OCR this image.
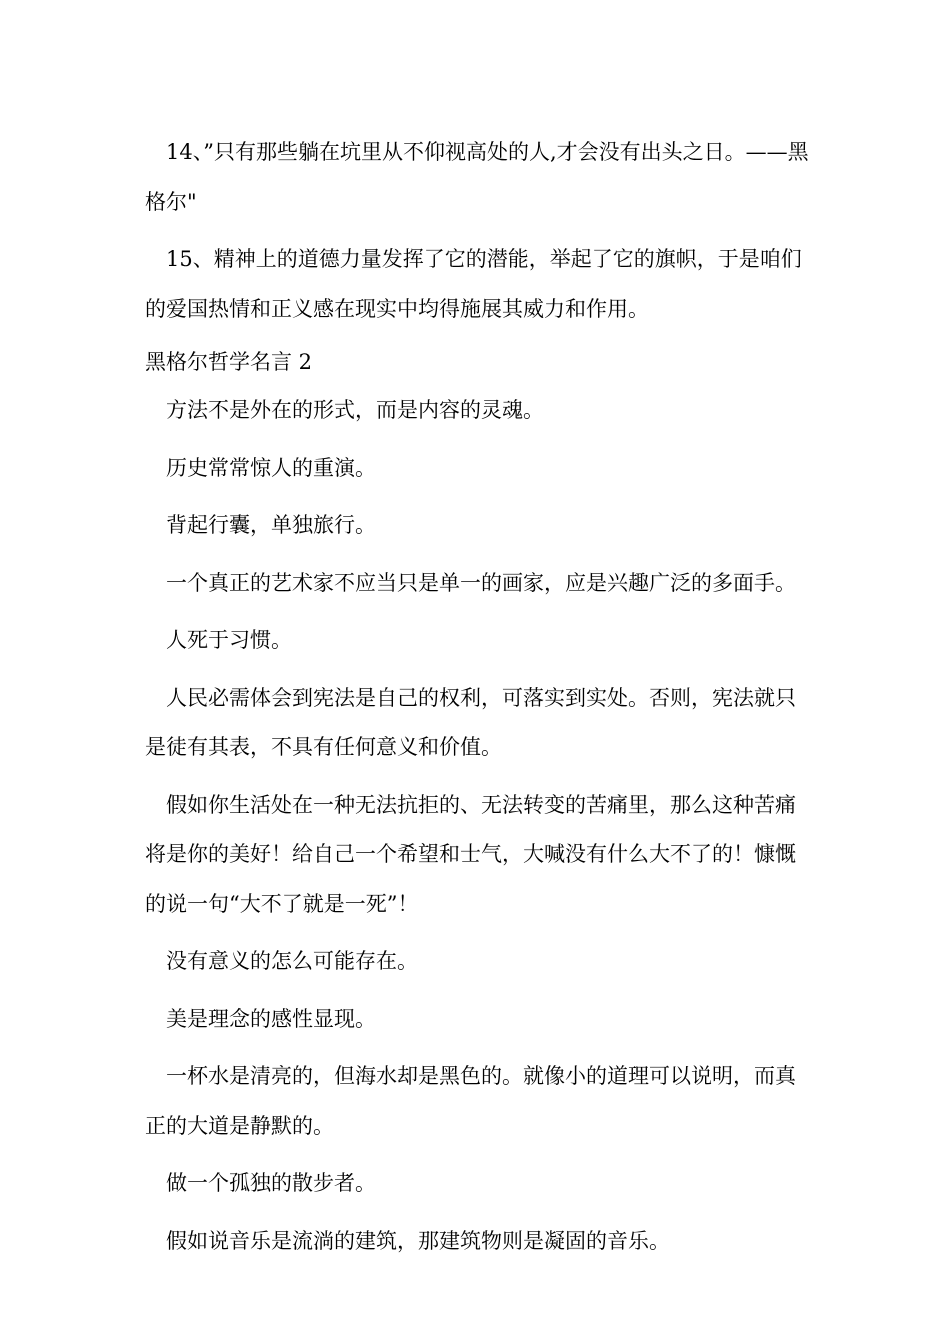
14、”只有那些躺在坑里从不仰视高处的人,才会没有出头之日。——黑格尔"

15、精神上的道德力量发挥了它的潜能，举起了它的旗帜，于是咱们的爱国热情和正义感在现实中均得施展其威力和作用。

黑格尔哲学名言 2

方法不是外在的形式，而是内容的灵魂。

历史常常惊人的重演。

背起行囊，单独旅行。

一个真正的艺术家不应当只是单一的画家，应是兴趣广泛的多面手。

人死于习惯。

人民必需体会到宪法是自己的权利，可落实到实处。否则，宪法就只是徒有其表，不具有任何意义和价值。

假如你生活处在一种无法抗拒的、无法转变的苦痛里，那么这种苦痛将是你的美好！给自己一个希望和士气，大喊没有什么大不了的！慷慨的说一句“大不了就是一死”！

没有意义的怎么可能存在。

美是理念的感性显现。

一杯水是清亮的，但海水却是黑色的。就像小的道理可以说明，而真正的大道是静默的。

做一个孤独的散步者。

假如说音乐是流淌的建筑，那建筑物则是凝固的音乐。
